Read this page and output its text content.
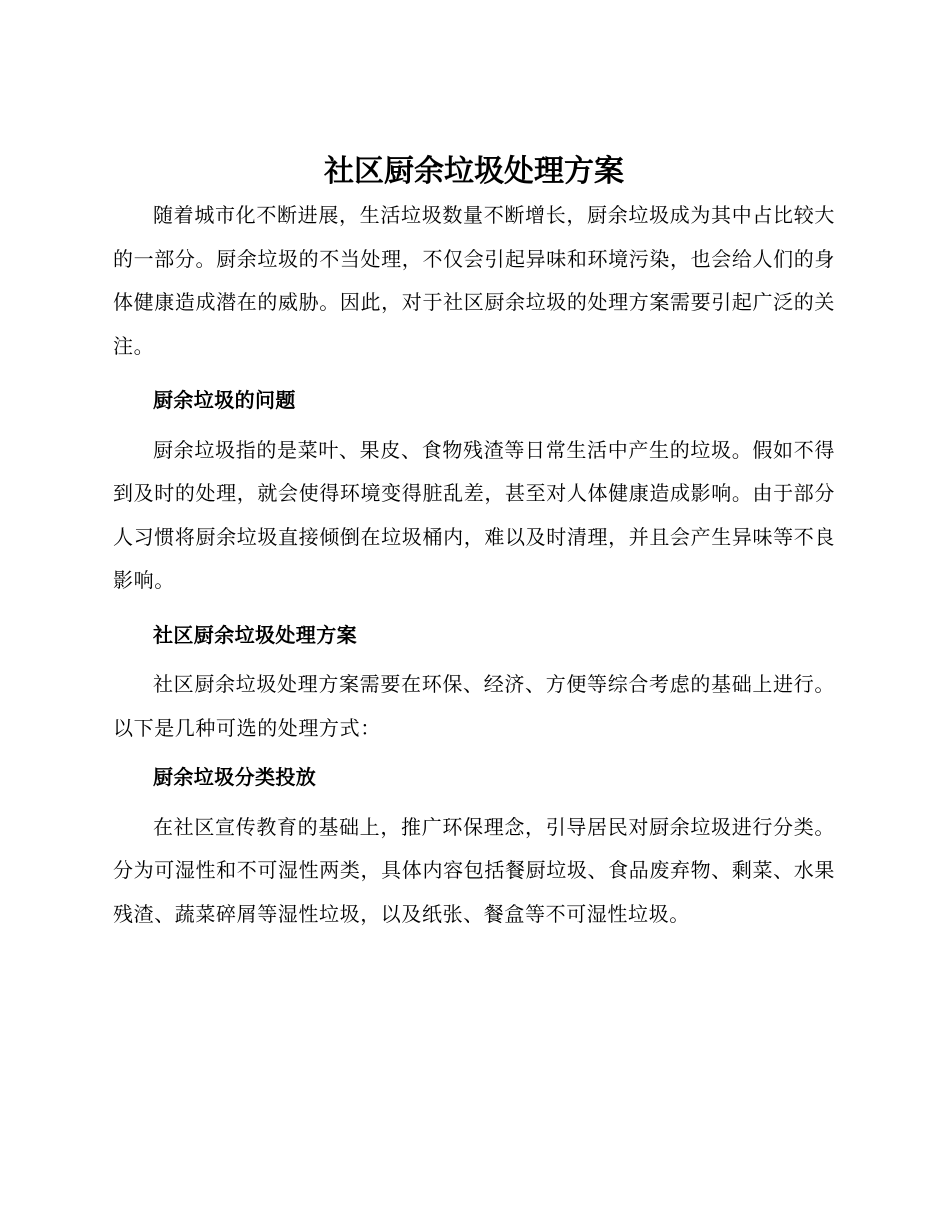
社区厨余垃圾处理方案

随着城市化不断进展，生活垃圾数量不断增长，厨余垃圾成为其中占比较大的一部分。厨余垃圾的不当处理，不仅会引起异味和环境污染，也会给人们的身体健康造成潜在的威胁。因此，对于社区厨余垃圾的处理方案需要引起广泛的关注。

厨余垃圾的问题

厨余垃圾指的是菜叶、果皮、食物残渣等日常生活中产生的垃圾。假如不得到及时的处理，就会使得环境变得脏乱差，甚至对人体健康造成影响。由于部分人习惯将厨余垃圾直接倾倒在垃圾桶内，难以及时清理，并且会产生异味等不良影响。

社区厨余垃圾处理方案

社区厨余垃圾处理方案需要在环保、经济、方便等综合考虑的基础上进行。以下是几种可选的处理方式：

厨余垃圾分类投放

在社区宣传教育的基础上，推广环保理念，引导居民对厨余垃圾进行分类。分为可湿性和不可湿性两类，具体内容包括餐厨垃圾、食品废弃物、剩菜、水果残渣、蔬菜碎屑等湿性垃圾，以及纸张、餐盒等不可湿性垃圾。
